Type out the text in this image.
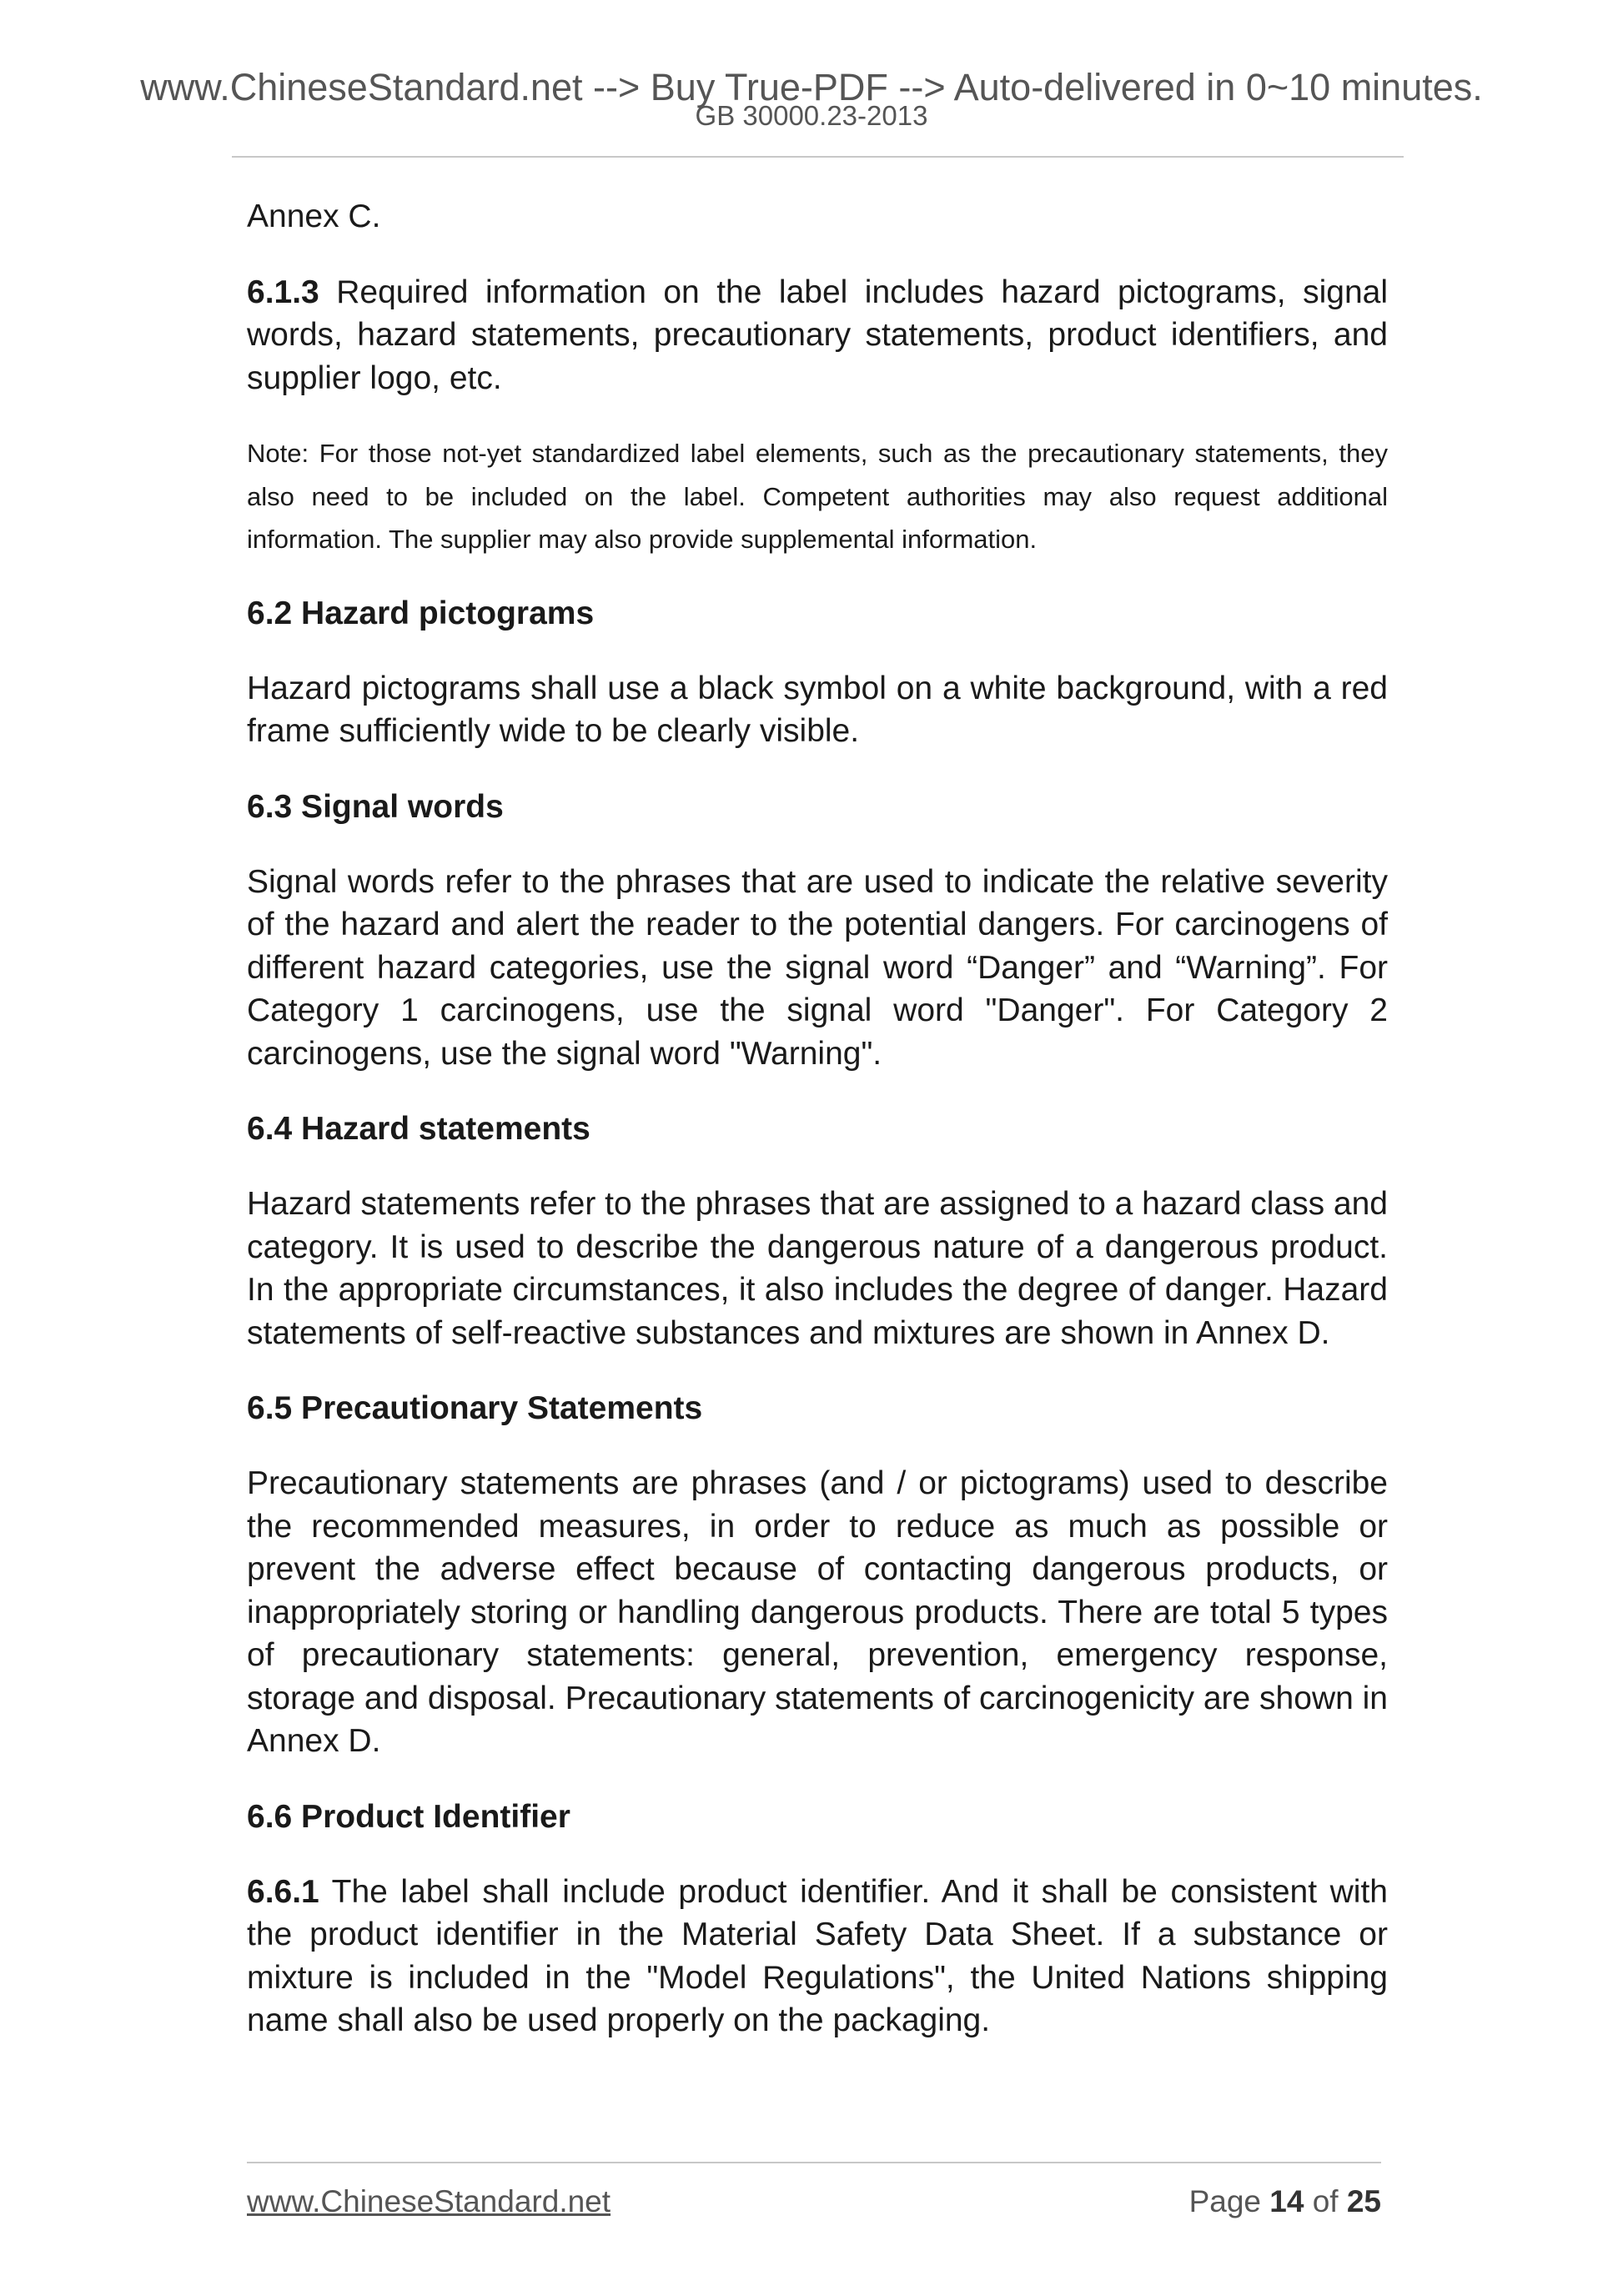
www.ChineseStandard.net --> Buy True-PDF --> Auto-delivered in 0~10 minutes.
GB 30000.23-2013

Annex C.

6.1.3 Required information on the label includes hazard pictograms, signal words, hazard statements, precautionary statements, product identifiers, and supplier logo, etc.

Note: For those not-yet standardized label elements, such as the precautionary statements, they also need to be included on the label. Competent authorities may also request additional information. The supplier may also provide supplemental information.

6.2 Hazard pictograms

Hazard pictograms shall use a black symbol on a white background, with a red frame sufficiently wide to be clearly visible.

6.3 Signal words

Signal words refer to the phrases that are used to indicate the relative severity of the hazard and alert the reader to the potential dangers. For carcinogens of different hazard categories, use the signal word “Danger” and “Warning”. For Category 1 carcinogens, use the signal word "Danger". For Category 2 carcinogens, use the signal word "Warning".

6.4 Hazard statements

Hazard statements refer to the phrases that are assigned to a hazard class and category. It is used to describe the dangerous nature of a dangerous product. In the appropriate circumstances, it also includes the degree of danger. Hazard statements of self-reactive substances and mixtures are shown in Annex D.

6.5 Precautionary Statements

Precautionary statements are phrases (and / or pictograms) used to describe the recommended measures, in order to reduce as much as possible or prevent the adverse effect because of contacting dangerous products, or inappropriately storing or handling dangerous products. There are total 5 types of precautionary statements: general, prevention, emergency response, storage and disposal. Precautionary statements of carcinogenicity are shown in Annex D.

6.6 Product Identifier

6.6.1 The label shall include product identifier. And it shall be consistent with the product identifier in the Material Safety Data Sheet. If a substance or mixture is included in the "Model Regulations", the United Nations shipping name shall also be used properly on the packaging.

www.ChineseStandard.net	Page 14 of 25
